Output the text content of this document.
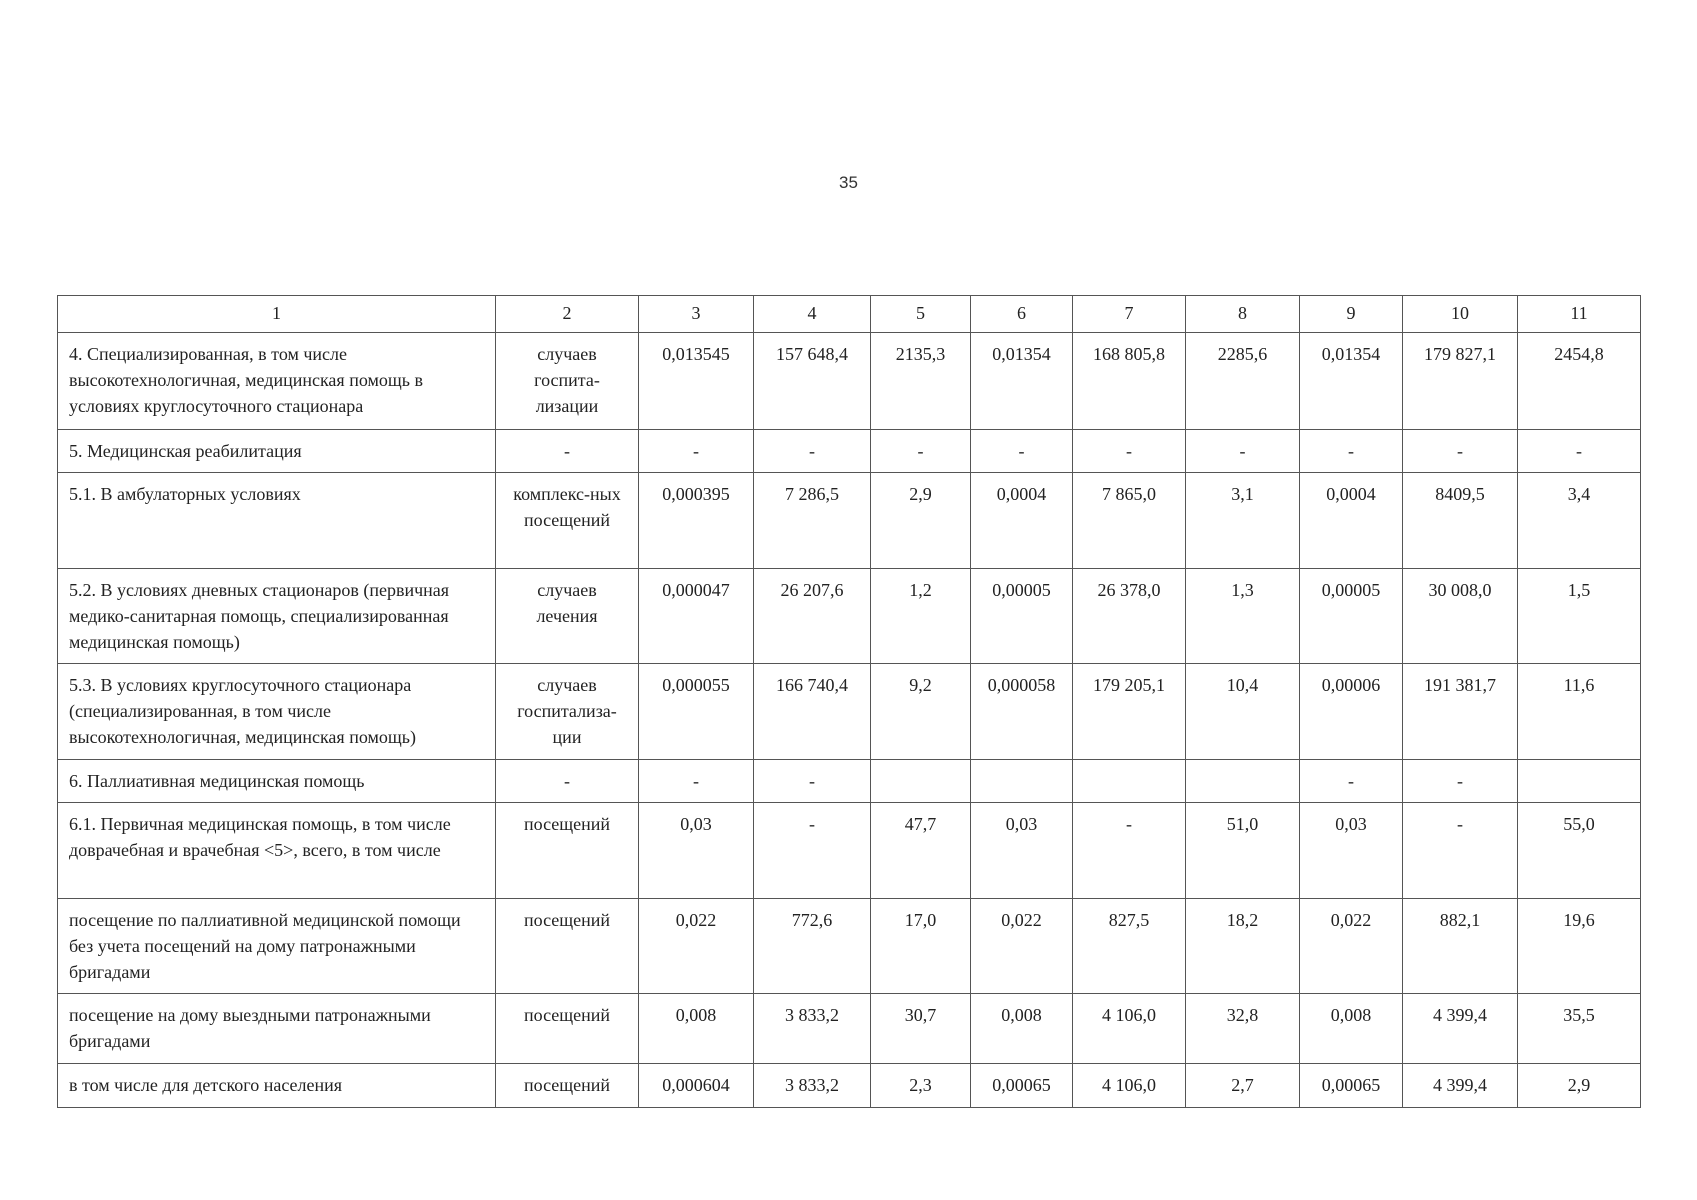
35
1	2	3	4	5	6	7	8	9	10	11
4. Специализированная, в том числе высокотехнологичная, медицинская помощь в условиях круглосуточного стационара	случаев госпита-лизации	0,013545	157 648,4	2135,3	0,01354	168 805,8	2285,6	0,01354	179 827,1	2454,8
5. Медицинская реабилитация	-	-	-	-	-	-	-	-	-	-
5.1. В амбулаторных условиях	комплекс-ных посещений	0,000395	7 286,5	2,9	0,0004	7 865,0	3,1	0,0004	8409,5	3,4
5.2. В условиях дневных стационаров (первичная медико-санитарная помощь, специализированная медицинская помощь)	случаев лечения	0,000047	26 207,6	1,2	0,00005	26 378,0	1,3	0,00005	30 008,0	1,5
5.3. В условиях круглосуточного стационара (специализированная, в том числе высокотехнологичная, медицинская помощь)	случаев госпитализа-ции	0,000055	166 740,4	9,2	0,000058	179 205,1	10,4	0,00006	191 381,7	11,6
6. Паллиативная медицинская помощь	-	-	-					-	-	
6.1. Первичная медицинская помощь, в том числе доврачебная и врачебная <5>, всего, в том числе	посещений	0,03	-	47,7	0,03	-	51,0	0,03	-	55,0
посещение по паллиативной медицинской помощи без учета посещений на дому патронажными бригадами	посещений	0,022	772,6	17,0	0,022	827,5	18,2	0,022	882,1	19,6
посещение на дому выездными патронажными бригадами	посещений	0,008	3 833,2	30,7	0,008	4 106,0	32,8	0,008	4 399,4	35,5
в том числе для детского населения	посещений	0,000604	3 833,2	2,3	0,00065	4 106,0	2,7	0,00065	4 399,4	2,9
